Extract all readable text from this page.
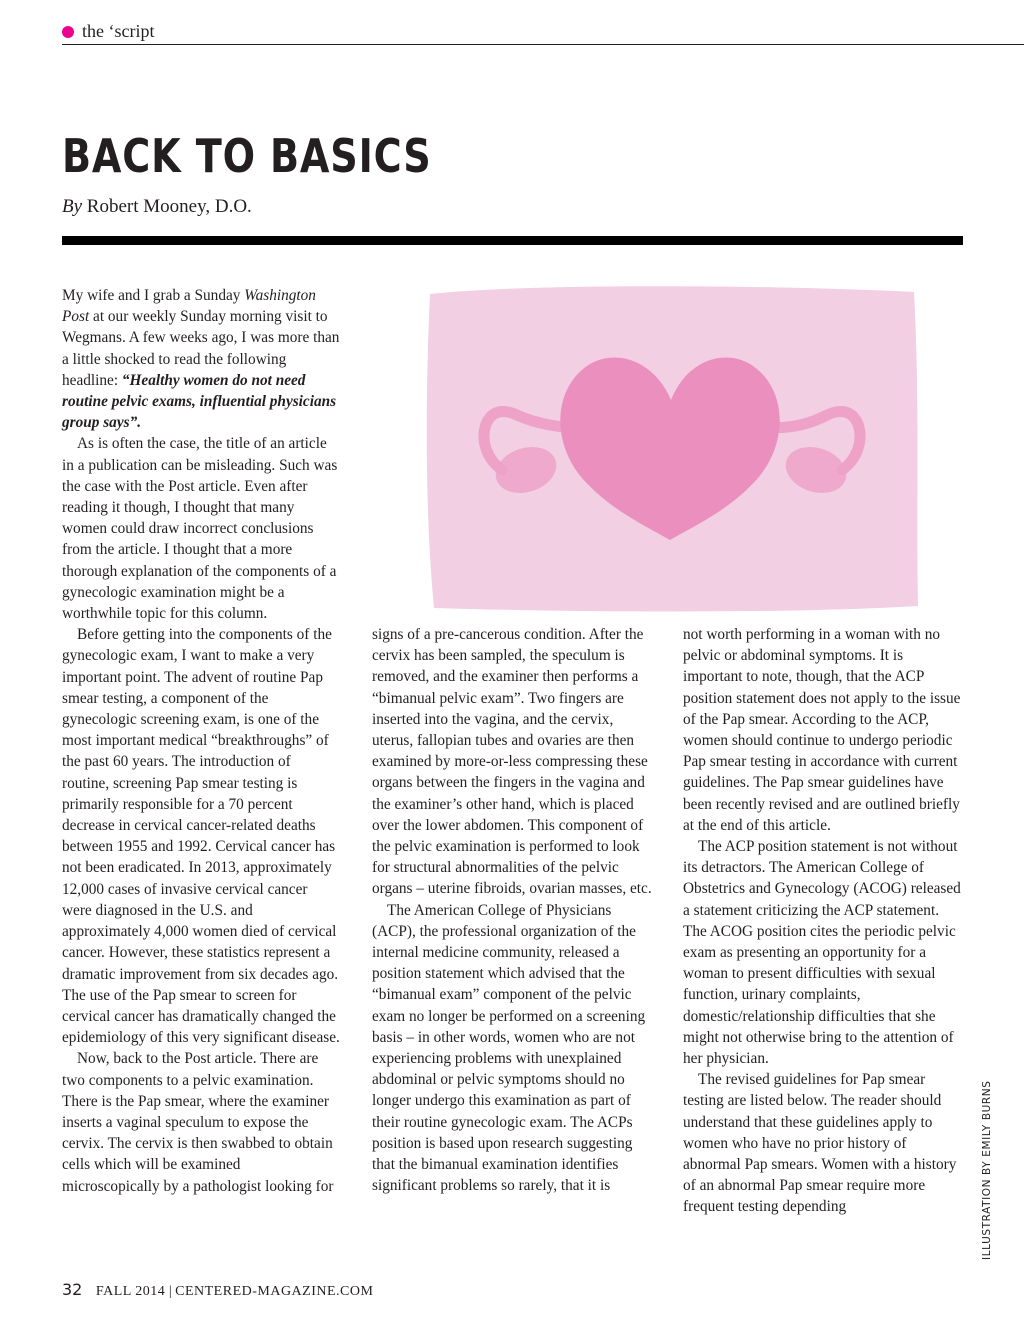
the ‘script
BACK TO BASICS
By Robert Mooney, D.O.

My wife and I grab a Sunday Washington Post at our weekly Sunday morning visit to Wegmans. A few weeks ago, I was more than a little shocked to read the following headline: “Healthy women do not need routine pelvic exams, influential physicians group says”.

As is often the case, the title of an article in a publication can be misleading. Such was the case with the Post article. Even after reading it though, I thought that many women could draw incorrect conclusions from the article. I thought that a more thorough explanation of the components of a gynecologic examination might be a worthwhile topic for this column.

Before getting into the components of the gynecologic exam, I want to make a very important point. The advent of routine Pap smear testing, a component of the gynecologic screening exam, is one of the most important medical “breakthroughs” of the past 60 years. The introduction of routine, screening Pap smear testing is primarily responsible for a 70 percent decrease in cervical cancer-related deaths between 1955 and 1992. Cervical cancer has not been eradicated. In 2013, approximately 12,000 cases of invasive cervical cancer were diagnosed in the U.S. and approximately 4,000 women died of cervical cancer. However, these statistics represent a dramatic improvement from six decades ago. The use of the Pap smear to screen for cervical cancer has dramatically changed the epidemiology of this very significant disease.

Now, back to the Post article. There are two components to a pelvic examination. There is the Pap smear, where the examiner inserts a vaginal speculum to expose the cervix. The cervix is then swabbed to obtain cells which will be examined microscopically by a pathologist looking for

signs of a pre-cancerous condition. After the cervix has been sampled, the speculum is removed, and the examiner then performs a “bimanual pelvic exam”. Two fingers are inserted into the vagina, and the cervix, uterus, fallopian tubes and ovaries are then examined by more-or-less compressing these organs between the fingers in the vagina and the examiner’s other hand, which is placed over the lower abdomen. This component of the pelvic examination is performed to look for structural abnormalities of the pelvic organs – uterine fibroids, ovarian masses, etc.

The American College of Physicians (ACP), the professional organization of the internal medicine community, released a position statement which advised that the “bimanual exam” component of the pelvic exam no longer be performed on a screening basis – in other words, women who are not experiencing problems with unexplained abdominal or pelvic symptoms should no longer undergo this examination as part of their routine gynecologic exam. The ACPs position is based upon research suggesting that the bimanual examination identifies significant problems so rarely, that it is

not worth performing in a woman with no pelvic or abdominal symptoms. It is important to note, though, that the ACP position statement does not apply to the issue of the Pap smear. According to the ACP, women should continue to undergo periodic Pap smear testing in accordance with current guidelines. The Pap smear guidelines have been recently revised and are outlined briefly at the end of this article.

The ACP position statement is not without its detractors. The American College of Obstetrics and Gynecology (ACOG) released a statement criticizing the ACP statement. The ACOG position cites the periodic pelvic exam as presenting an opportunity for a woman to present difficulties with sexual function, urinary complaints, domestic/relationship difficulties that she might not otherwise bring to the attention of her physician.

The revised guidelines for Pap smear testing are listed below. The reader should understand that these guidelines apply to women who have no prior history of abnormal Pap smears. Women with a history of an abnormal Pap smear require more frequent testing depending	ILLUSTRATION BY EMILY BURNS
32 FALL 2014 | CENTERED-MAGAZINE.COM
